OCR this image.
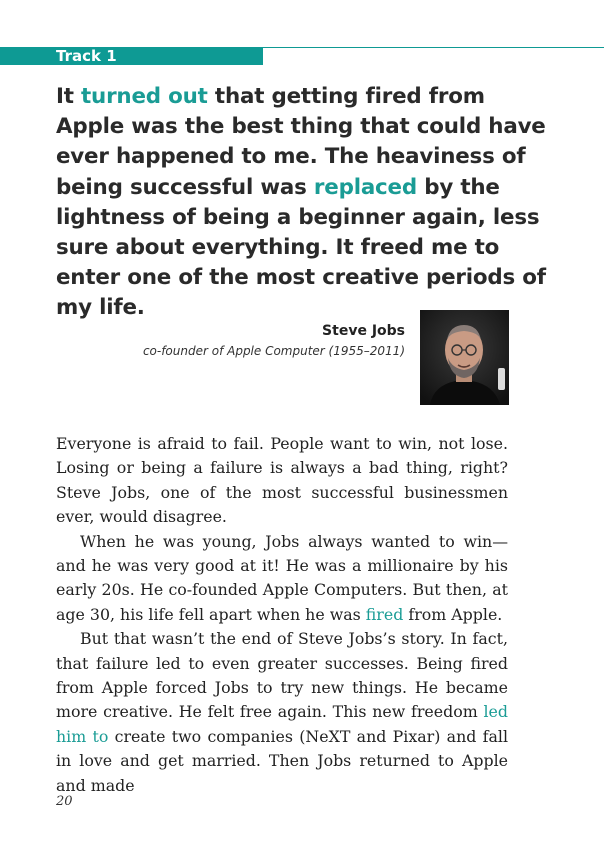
Track 1

It turned out that getting fired from Apple was the best thing that could have ever happened to me. The heaviness of being successful was replaced by the lightness of being a beginner again, less sure about everything. It freed me to enter one of the most creative periods of my life.

Steve Jobs
co-founder of Apple Computer (1955–2011)

Everyone is afraid to fail. People want to win, not lose. Losing or being a failure is always a bad thing, right? Steve Jobs, one of the most successful businessmen ever, would disagree.

When he was young, Jobs always wanted to win—and he was very good at it! He was a millionaire by his early 20s. He co-founded Apple Computers. But then, at age 30, his life fell apart when he was fired from Apple.

But that wasn’t the end of Steve Jobs’s story. In fact, that failure led to even greater successes. Being fired from Apple forced Jobs to try new things. He became more creative. He felt free again. This new freedom led him to create two companies (NeXT and Pixar) and fall in love and get married. Then Jobs returned to Apple and made

20
